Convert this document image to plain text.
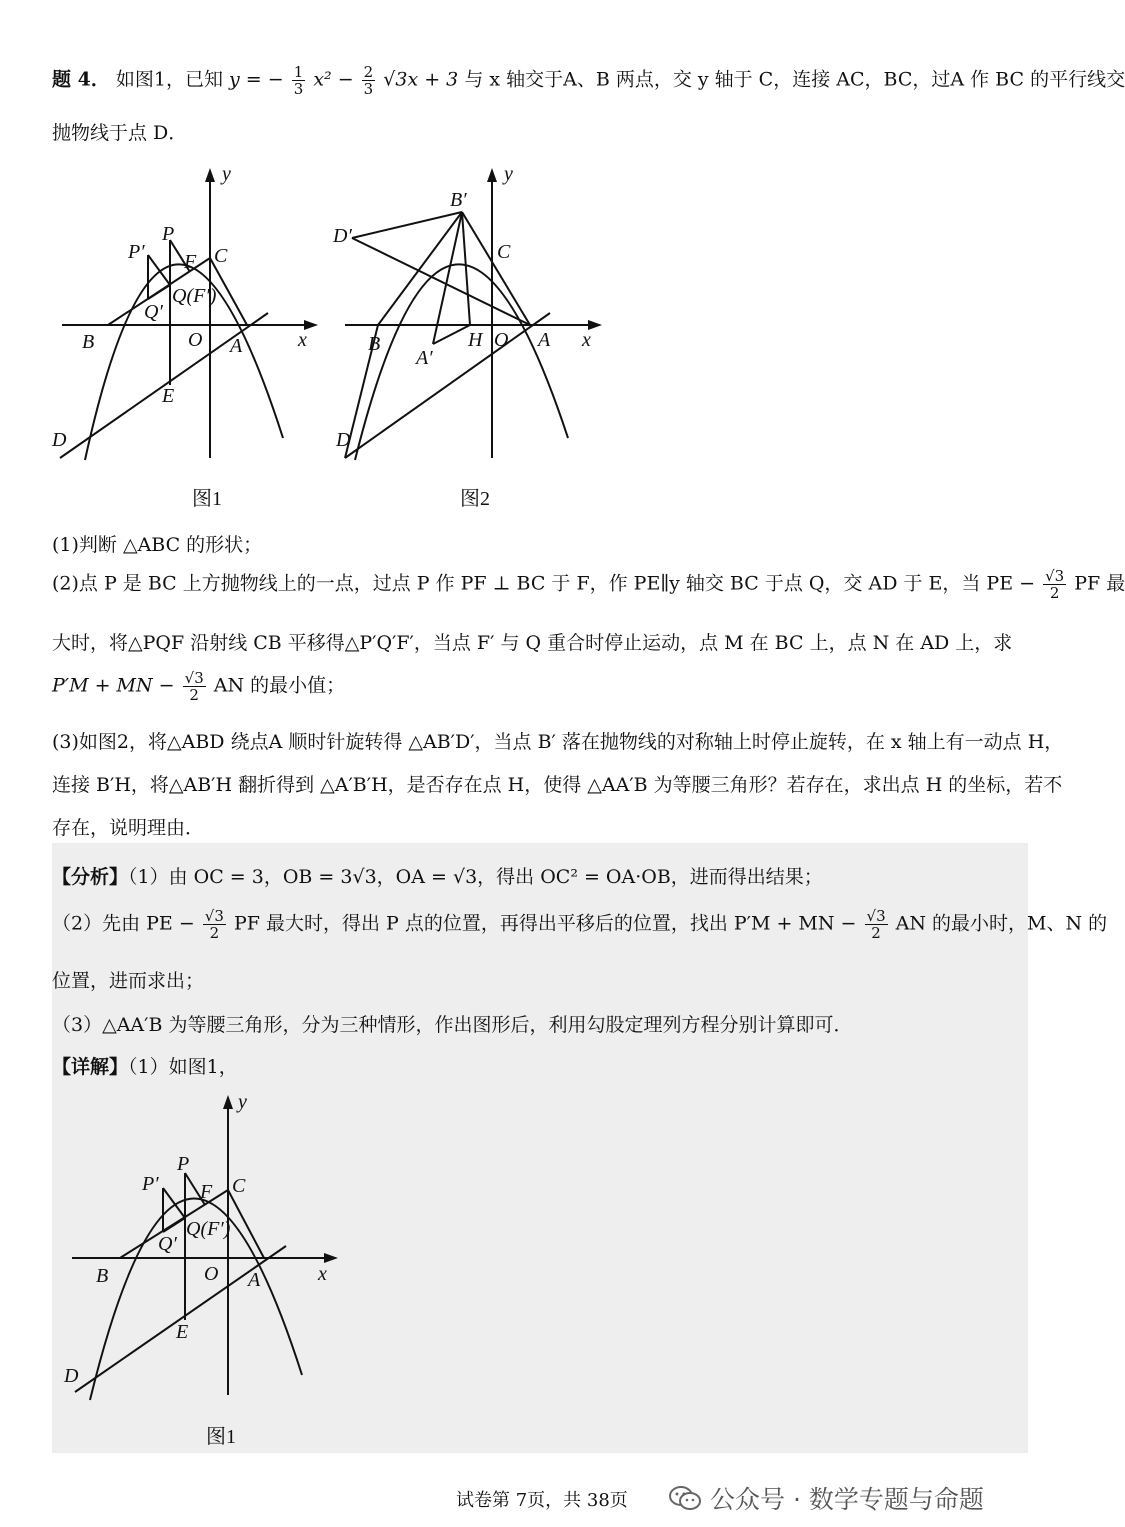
题 4． 如图1，已知 y = − $\frac{1}{3} x^2 - \frac{2}{3} √3x + 3$ 与 x 轴交于A、B 两点，交 y 轴于 C，连接 AC，BC，过A 作 BC 的平行线交
抛物线于点 D．
y
x
P
P′ F C
Q(F′)
Q′
B	O A
E
D
图1
y
x
B′
D′
C
B
A′
H O A
D
图2
(1)判断 △ABC 的形状；
(2)点 P 是 BC 上方抛物线上的一点，过点 P 作 PF ⊥ BC 于 F，作 PE∥y 轴交 BC 于点 Q，交 AD 于 E，当 PE − $\frac{√3}{2}$ PF 最
大时，将△PQF 沿射线 CB 平移得△P′Q′F′，当点 F′ 与 Q 重合时停止运动，点 M 在 BC 上，点 N 在 AD 上，求
P′M + MN − $\frac{√3}{2}$ AN 的最小值；
(3)如图2，将△ABD 绕点A 顺时针旋转得 △AB′D′，当点 B′ 落在抛物线的对称轴上时停止旋转，在 x 轴上有一动点 H，
连接 B′H，将△AB′H 翻折得到 △A′B′H，是否存在点 H，使得 △AA′B 为等腰三角形？若存在，求出点 H 的坐标，若不
存在，说明理由．
【分析】（1）由 OC = 3，OB = 3√3，OA = √3，得出 OC² = OA·OB，进而得出结果；
（2）先由 PE − $\frac{√3}{2}$ PF 最大时，得出 P 点的位置，再得出平移后的位置，找出 P′M + MN − $\frac{√3}{2}$ AN 的最小时，M、N 的
位置，进而求出；
（3）△AA′B 为等腰三角形，分为三种情形，作出图形后，利用勾股定理列方程分别计算即可．
【详解】（1）如图1，
y
x
P
P′ F C
Q(F′)
Q′
B	O A
E
D
图1
试卷第 7页，共 38页	公众号 · 数学专题与命题
